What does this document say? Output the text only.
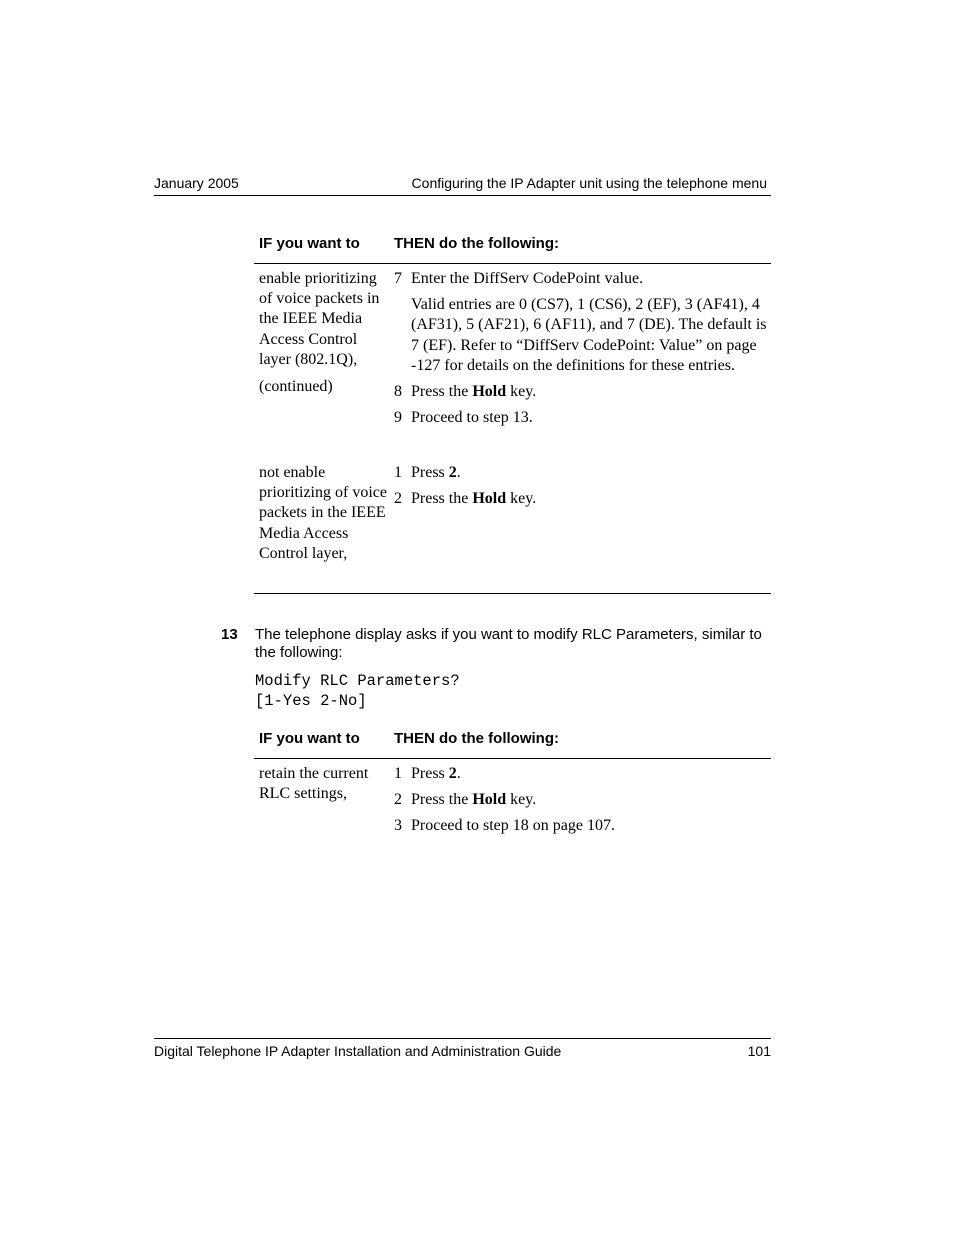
January 2005	Configuring the IP Adapter unit using the telephone menu
IF you want to THEN do the following:

enable prioritizing of voice packets in the IEEE Media Access Control layer (802.1Q),

(continued)

7 Enter the DiffServ CodePoint value.
Valid entries are 0 (CS7), 1 (CS6), 2 (EF), 3 (AF41), 4 (AF31), 5 (AF21), 6 (AF11), and 7 (DE). The default is 7 (EF). Refer to “DiffServ CodePoint: Value” on page -127 for details on the definitions for these entries.
8 Press the Hold key.
9 Proceed to step 13.

not enable prioritizing of voice packets in the IEEE Media Access Control layer,

1 Press 2.
2 Press the Hold key.
13 The telephone display asks if you want to modify RLC Parameters, similar to the following:
Modify RLC Parameters?
[1-Yes 2-No]
IF you want to THEN do the following:

retain the current RLC settings,

1 Press 2.
2 Press the Hold key.
3 Proceed to step 18 on page 107.
Digital Telephone IP Adapter Installation and Administration Guide	101
